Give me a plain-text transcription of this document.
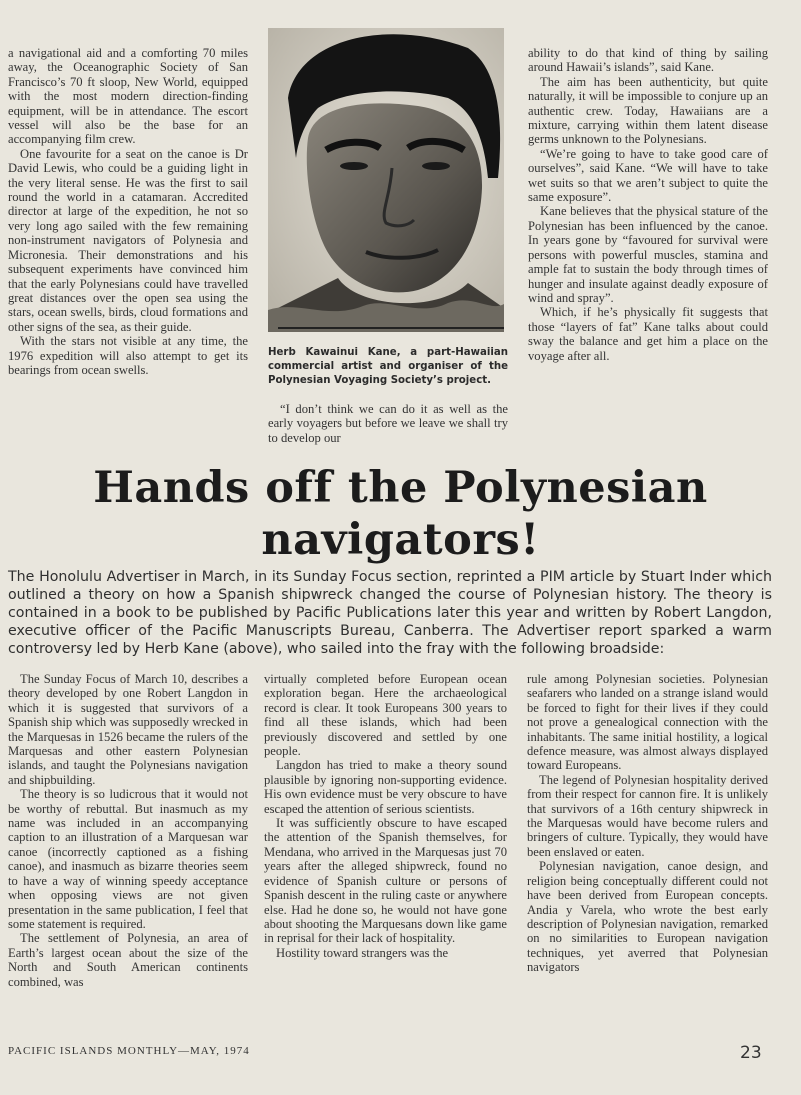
a navigational aid and a comforting 70 miles away, the Oceanographic Society of San Francisco’s 70 ft sloop, New World, equipped with the most modern direction-finding equipment, will be in attendance. The escort vessel will also be the base for an accompanying film crew.

One favourite for a seat on the canoe is Dr David Lewis, who could be a guiding light in the very literal sense. He was the first to sail round the world in a catamaran. Accredited director at large of the expedition, he not so very long ago sailed with the few remaining non-instrument navigators of Polynesia and Micronesia. Their demonstrations and his subsequent experiments have convinced him that the early Polynesians could have travelled great distances over the open sea using the stars, ocean swells, birds, cloud formations and other signs of the sea, as their guide.

With the stars not visible at any time, the 1976 expedition will also attempt to get its bearings from ocean swells.

Herb Kawainui Kane, a part-Hawaiian commercial artist and organiser of the Polynesian Voyaging Society’s project.

“I don’t think we can do it as well as the early voyagers but before we leave we shall try to develop our

ability to do that kind of thing by sailing around Hawaii’s islands”, said Kane.

The aim has been authenticity, but quite naturally, it will be impossible to conjure up an authentic crew. Today, Hawaiians are a mixture, carrying within them latent disease germs unknown to the Polynesians.

“We’re going to have to take good care of ourselves”, said Kane. “We will have to take wet suits so that we aren’t subject to quite the same exposure”.

Kane believes that the physical stature of the Polynesian has been influenced by the canoe. In years gone by “favoured for survival were persons with powerful muscles, stamina and ample fat to sustain the body through times of hunger and insulate against deadly exposure of wind and spray”.

Which, if he’s physically fit suggests that those “layers of fat” Kane talks about could sway the balance and get him a place on the voyage after all.

Hands off the Polynesian
navigators!
The Honolulu Advertiser in March, in its Sunday Focus section, reprinted a PIM article by Stuart Inder which outlined a theory on how a Spanish shipwreck changed the course of Polynesian history. The theory is contained in a book to be published by Pacific Publications later this year and written by Robert Langdon, executive officer of the Pacific Manuscripts Bureau, Canberra. The Advertiser report sparked a warm controversy led by Herb Kane (above), who sailed into the fray with the following broadside:

The Sunday Focus of March 10, describes a theory developed by one Robert Langdon in which it is suggested that survivors of a Spanish ship which was supposedly wrecked in the Marquesas in 1526 became the rulers of the Marquesas and other eastern Polynesian islands, and taught the Polynesians navigation and shipbuilding.

The theory is so ludicrous that it would not be worthy of rebuttal. But inasmuch as my name was included in an accompanying caption to an illustration of a Marquesan war canoe (incorrectly captioned as a fishing canoe), and inasmuch as bizarre theories seem to have a way of winning speedy acceptance when opposing views are not given presentation in the same publication, I feel that some statement is required.

The settlement of Polynesia, an area of Earth’s largest ocean about the size of the North and South American continents combined, was

virtually completed before European ocean exploration began. Here the archaeological record is clear. It took Europeans 300 years to find all these islands, which had been previously discovered and settled by one people.

Langdon has tried to make a theory sound plausible by ignoring non-supporting evidence. His own evidence must be very obscure to have escaped the attention of serious scientists.

It was sufficiently obscure to have escaped the attention of the Spanish themselves, for Mendana, who arrived in the Marquesas just 70 years after the alleged shipwreck, found no evidence of Spanish culture or persons of Spanish descent in the ruling caste or anywhere else. Had he done so, he would not have gone about shooting the Marquesans down like game in reprisal for their lack of hospitality.

Hostility toward strangers was the

rule among Polynesian societies. Polynesian seafarers who landed on a strange island would be forced to fight for their lives if they could not prove a genealogical connection with the inhabitants. The same initial hostility, a logical defence measure, was almost always displayed toward Europeans.

The legend of Polynesian hospitality derived from their respect for cannon fire. It is unlikely that survivors of a 16th century shipwreck in the Marquesas would have become rulers and bringers of culture. Typically, they would have been enslaved or eaten.

Polynesian navigation, canoe design, and religion being conceptually different could not have been derived from European concepts. Andia y Varela, who wrote the best early description of Polynesian navigation, remarked on no similarities to European navigation techniques, yet averred that Polynesian navigators

PACIFIC ISLANDS MONTHLY—MAY, 1974	23
